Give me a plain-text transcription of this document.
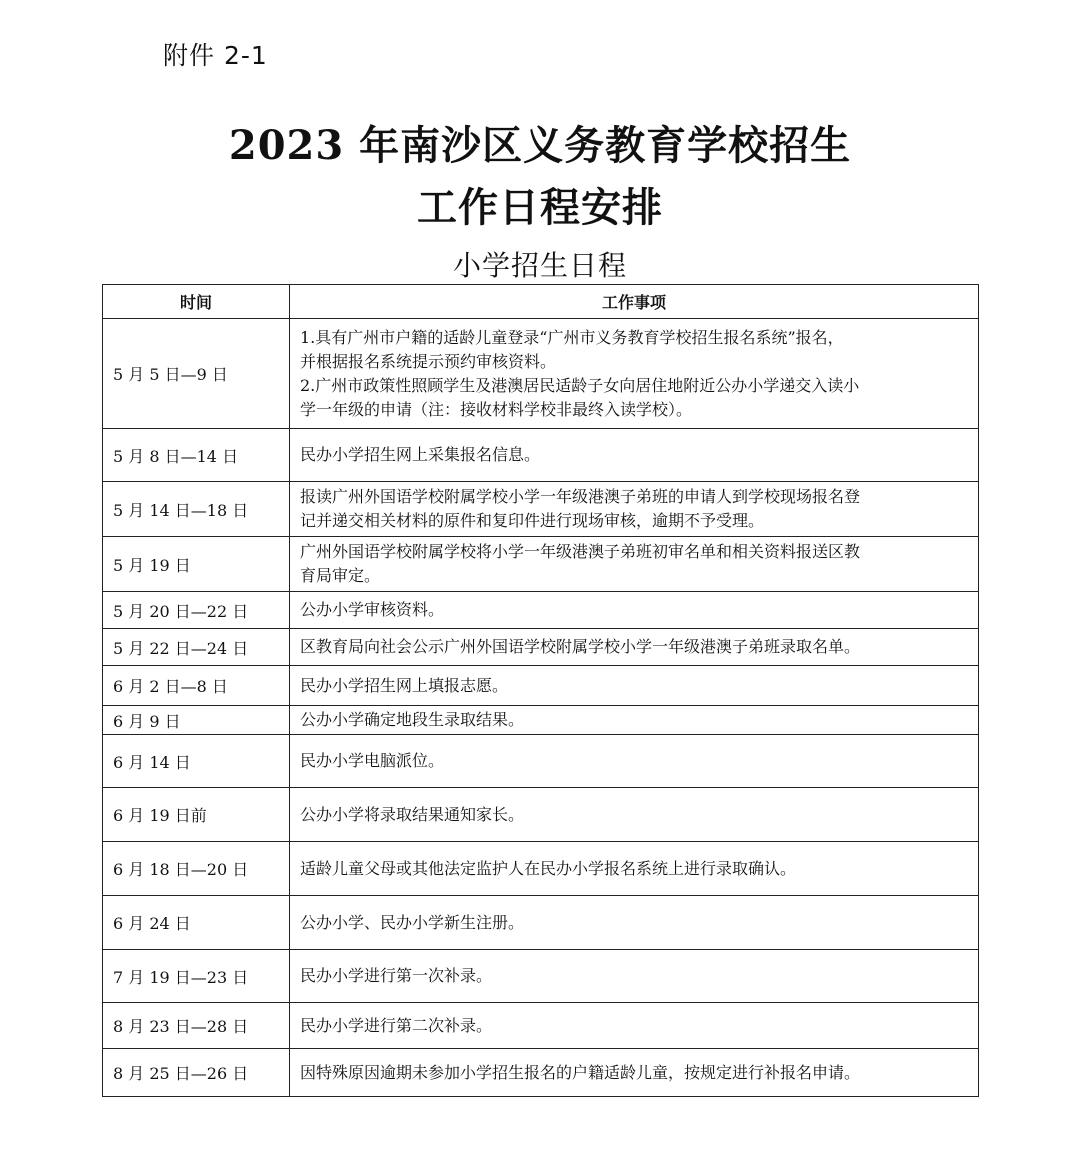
附件 2-1
2023 年南沙区义务教育学校招生
工作日程安排
小学招生日程
时间	工作事项
5 月 5 日—9 日	1.具有广州市户籍的适龄儿童登录“广州市义务教育学校招生报名系统”报名，
并根据报名系统提示预约审核资料。
2.广州市政策性照顾学生及港澳居民适龄子女向居住地附近公办小学递交入读小
学一年级的申请（注：接收材料学校非最终入读学校）。

5 月 8 日—14 日	民办小学招生网上采集报名信息。

5 月 14 日—18 日	报读广州外国语学校附属学校小学一年级港澳子弟班的申请人到学校现场报名登
记并递交相关材料的原件和复印件进行现场审核，逾期不予受理。

5 月 19 日	广州外国语学校附属学校将小学一年级港澳子弟班初审名单和相关资料报送区教
育局审定。

5 月 20 日—22 日	公办小学审核资料。

5 月 22 日—24 日	区教育局向社会公示广州外国语学校附属学校小学一年级港澳子弟班录取名单。

6 月 2 日—8 日	民办小学招生网上填报志愿。

6 月 9 日	公办小学确定地段生录取结果。

6 月 14 日	民办小学电脑派位。

6 月 19 日前	公办小学将录取结果通知家长。

6 月 18 日—20 日	适龄儿童父母或其他法定监护人在民办小学报名系统上进行录取确认。

6 月 24 日	公办小学、民办小学新生注册。

7 月 19 日—23 日	民办小学进行第一次补录。

8 月 23 日—28 日	民办小学进行第二次补录。

8 月 25 日—26 日	因特殊原因逾期未参加小学招生报名的户籍适龄儿童，按规定进行补报名申请。
